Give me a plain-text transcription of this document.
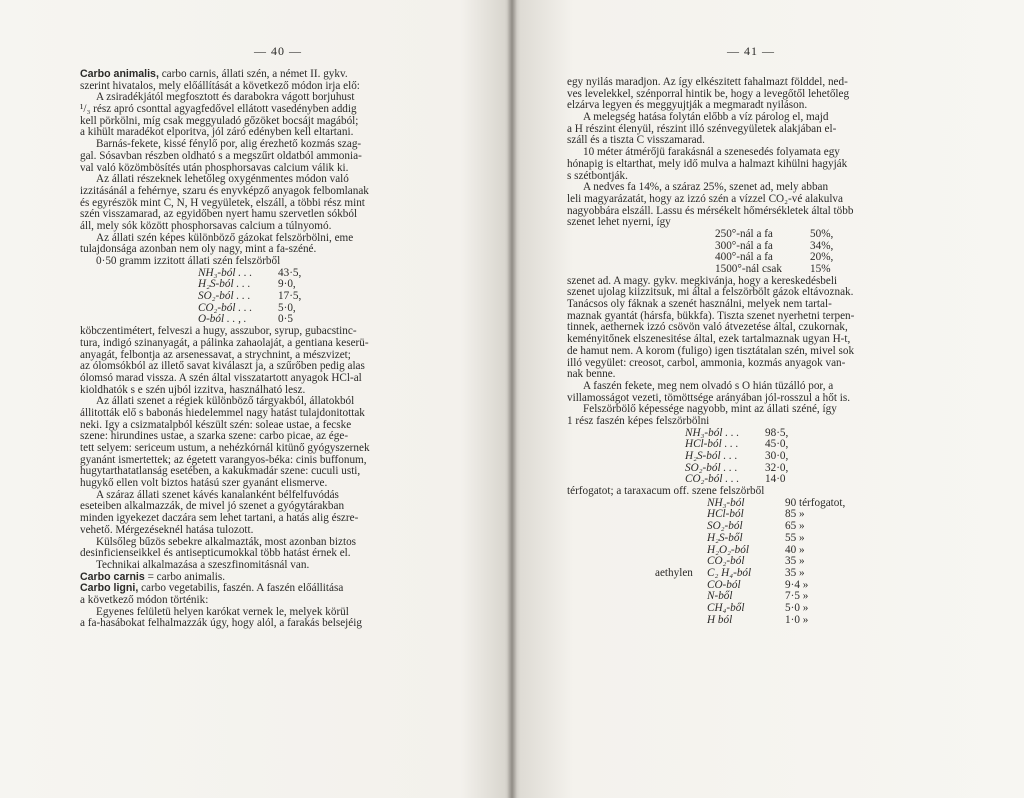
— 40 —
Carbo animalis, carbo carnis, állati szén, a német II. gykv.
szerint hivatalos, mely előállítását a következő módon irja elő:
A zsiradékjától megfosztott és darabokra vágott borjuhust
¹/₃ rész apró csonttal agyagfedővel ellátott vasedényben addig
kell pörkölni, míg csak meggyuladó gőzöket bocsájt magából;
a kihült maradékot elporitva, jól záró edényben kell eltartani.
Barnás-fekete, kissé fénylő por, alig érezhető kozmás szag-
gal. Sósavban részben oldható s a megszűrt oldatból ammonia-
val való közömbösítés után phosphorsavas calcium válik ki.
Az állati részeknek lehetőleg oxygénmentes módon való
izzitásánál a fehérnye, szaru és enyvképző anyagok felbomlanak
és egyrészök mint C, N, H vegyületek, elszáll, a többi rész mint
szén visszamarad, az egyidőben nyert hamu szervetlen sókból
áll, mely sók között phosphorsavas calcium a túlnyomó.
Az állati szén képes különböző gázokat felszörbölni, eme
tulajdonsága azonban nem oly nagy, mint a fa-széné.
0·50 gramm izzitott állati szén felszörből
NH₃-ból . . . 43·5,
H₂S-ból . . . 9·0,
SO₂-ból . . . 17·5,
CO₂-ból . . . 5·0,
O-ból . . , .	0·5
köbczentimétert, felveszi a hugy, asszubor, syrup, gubacstinc-
tura, indigó szinanyagát, a pálinka zahaolaját, a gentiana keserü-
anyagát, felbontja az arsenessavat, a strychnint, a mészvizet;
az ólomsókból az illető savat kiválaszt ja, a szűrőben pedig alas
ólomsó marad vissza. A szén által visszatartott anyagok HCl-al
kioldhatók s e szén ujból izzitva, használható lesz.
Az állati szenet a régiek különböző tárgyakból, állatokból
állitották elő s babonás hiedelemmel nagy hatást tulajdonitottak
neki. Így a csizmatalpból készült szén: soleae ustae, a fecske
szene: hirundines ustae, a szarka szene: carbo picae, az ége-
tett selyem: sericeum ustum, a nehézkórnál kitünő gyógyszernek
gyanánt ismertettek; az égetett varangyos-béka: cinis buffonum,
hugytarthatatlanság esetében, a kakukmadár szene: cuculi usti,
hugykő ellen volt biztos hatású szer gyanánt elismerve.
A száraz állati szenet kávés kanalanként bélfelfuvódás
eseteiben alkalmazzák, de mivel jó szenet a gyógytárakban
minden igyekezet daczára sem lehet tartani, a hatás alig észre-
vehető. Mérgezéseknél hatása tulozott.
Külsőleg bűzös sebekre alkalmazták, most azonban biztos
desinficienseikkel és antisepticumokkal több hatást érnek el.
Technikai alkalmazása a szeszfinomitásnál van.
Carbo carnis = carbo animalis.
Carbo ligni, carbo vegetabilis, faszén. A faszén előállitása
a következő módon történik:
Egyenes felületü helyen karókat vernek le, melyek körül
a fa-hasábokat felhalmazzák úgy, hogy alól, a farakás belsejéig
— 41 —
egy nyilás maradjon. Az így elkészitett fahalmazt földdel, ned-
ves levelekkel, szénporral hintik be, hogy a levegőtől lehetőleg
elzárva legyen és meggyujtják a megmaradt nyiláson.
A melegség hatása folytán előbb a víz párolog el, majd
a H részint élenyül, részint illó szénvegyületek alakjában el-
száll és a tiszta C visszamarad.
10 méter átmérőjü farakásnál a szenesedés folyamata egy
hónapig is eltarthat, mely idő mulva a halmazt kihülni hagyják
s szétbontják.
A nedves fa 14%, a száraz 25%, szenet ad, mely abban
leli magyarázatát, hogy az izzó szén a vízzel CO₂-vé alakulva
nagyobbára elszáll. Lassu és mérsékelt hőmérsékletek által több
szenet lehet nyerni, így
250°-nál a fa	50%,
300°-nál a fa	34%,
400°-nál a fa	20%,
1500°-nál csak	15%
szenet ad. A magy. gykv. megkivánja, hogy a kereskedésbeli
szenet ujolag kiizzitsuk, mi által a felszörbölt gázok eltávoznak.
Tanácsos oly fáknak a szenét használni, melyek nem tartal-
maznak gyantát (hársfa, bükkfa). Tiszta szenet nyerhetni terpen-
tinnek, aethernek izzó csövön való átvezetése által, czukornak,
keményitőnek elszenesitése által, ezek tartalmaznak ugyan H-t,
de hamut nem. A korom (fuligo) igen tisztátalan szén, mivel sok
illó vegyület: creosot, carbol, ammonia, kozmás anyagok van-
nak benne.
A faszén fekete, meg nem olvadó s O hián tüzálló por, a
villamosságot vezeti, tömöttsége arányában jól-rosszul a hőt is.
Felszörbölő képessége nagyobb, mint az állati széné, így
1 rész faszén képes felszörbölni
NH₃-ból . . . 98·5,
HCl-ból . . . 45·0,
H₂S-ból . . . 30·0,
SO₂-ból . . . 32·0,
CO₂-ból . . . 14·0
térfogatot; a taraxacum off. szene felszörből
NH₃-ból	90 térfogatot,
HCl-ból	85 »
SO₂-ból	65 »
H₂S-ből	55 »
H₂O₂-ból	40 »
CO₂-ból	35 »
aethylen C₂ H₄-ból	35 »
CO-ból	9·4 »
N-ből	7·5 »
CH₄-ből	5·0 »
H ból	1·0 »
